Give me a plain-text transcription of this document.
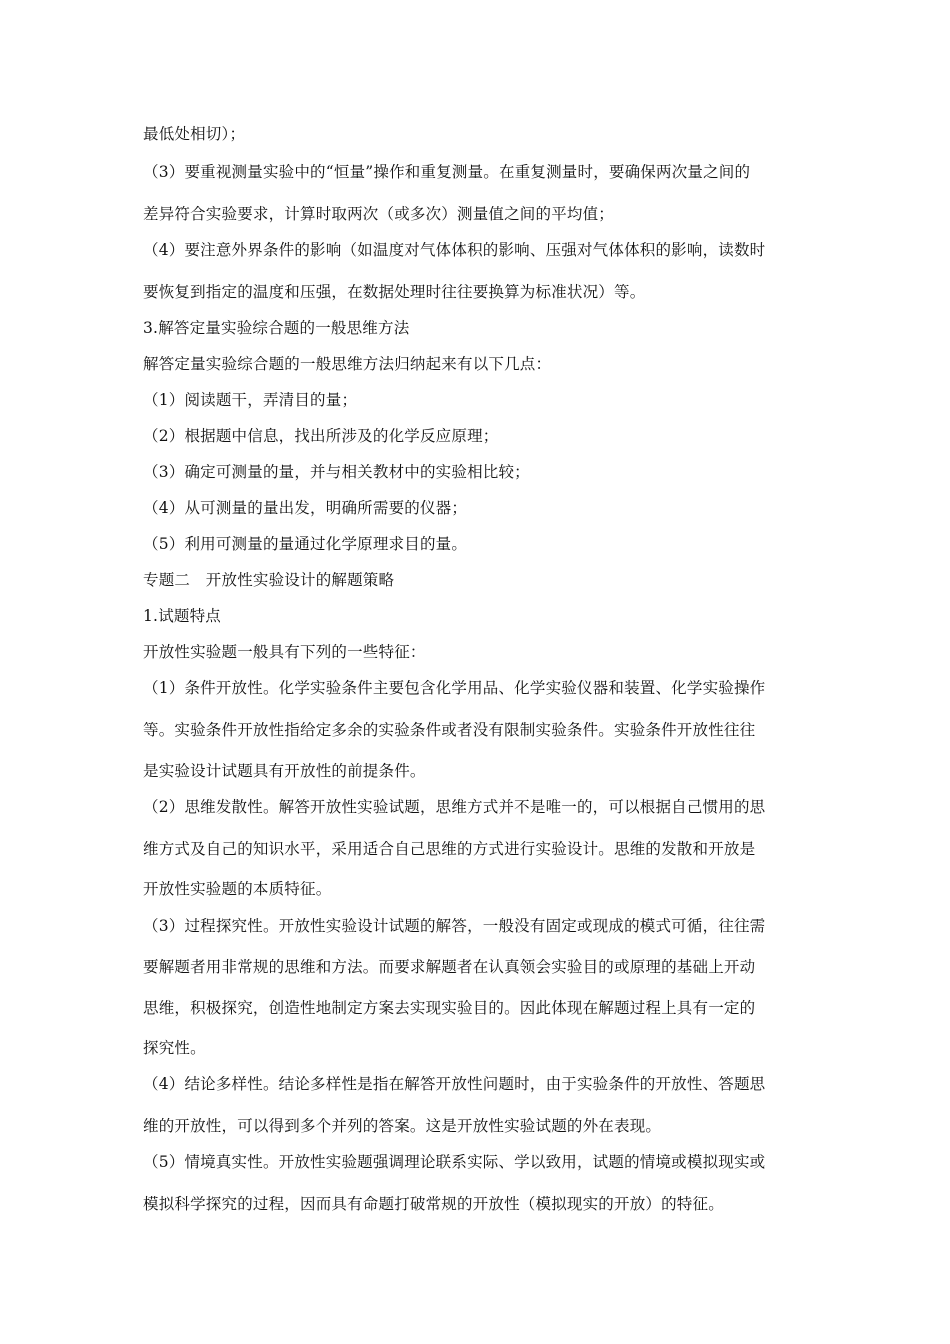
最低处相切）；
（3）要重视测量实验中的“恒量”操作和重复测量。在重复测量时，要确保两次量之间的
差异符合实验要求，计算时取两次（或多次）测量值之间的平均值；
（4）要注意外界条件的影响（如温度对气体体积的影响、压强对气体体积的影响，读数时
要恢复到指定的温度和压强，在数据处理时往往要换算为标准状况）等。
3.解答定量实验综合题的一般思维方法
解答定量实验综合题的一般思维方法归纳起来有以下几点：
（1）阅读题干，弄清目的量；
（2）根据题中信息，找出所涉及的化学反应原理；
（3）确定可测量的量，并与相关教材中的实验相比较；
（4）从可测量的量出发，明确所需要的仪器；
（5）利用可测量的量通过化学原理求目的量。
专题二　开放性实验设计的解题策略
1.试题特点
开放性实验题一般具有下列的一些特征：
（1）条件开放性。化学实验条件主要包含化学用品、化学实验仪器和装置、化学实验操作
等。实验条件开放性指给定多余的实验条件或者没有限制实验条件。实验条件开放性往往
是实验设计试题具有开放性的前提条件。
（2）思维发散性。解答开放性实验试题，思维方式并不是唯一的，可以根据自己惯用的思
维方式及自己的知识水平，采用适合自己思维的方式进行实验设计。思维的发散和开放是
开放性实验题的本质特征。
（3）过程探究性。开放性实验设计试题的解答，一般没有固定或现成的模式可循，往往需
要解题者用非常规的思维和方法。而要求解题者在认真领会实验目的或原理的基础上开动
思维，积极探究，创造性地制定方案去实现实验目的。因此体现在解题过程上具有一定的
探究性。
（4）结论多样性。结论多样性是指在解答开放性问题时，由于实验条件的开放性、答题思
维的开放性，可以得到多个并列的答案。这是开放性实验试题的外在表现。
（5）情境真实性。开放性实验题强调理论联系实际、学以致用，试题的情境或模拟现实或
模拟科学探究的过程，因而具有命题打破常规的开放性（模拟现实的开放）的特征。
